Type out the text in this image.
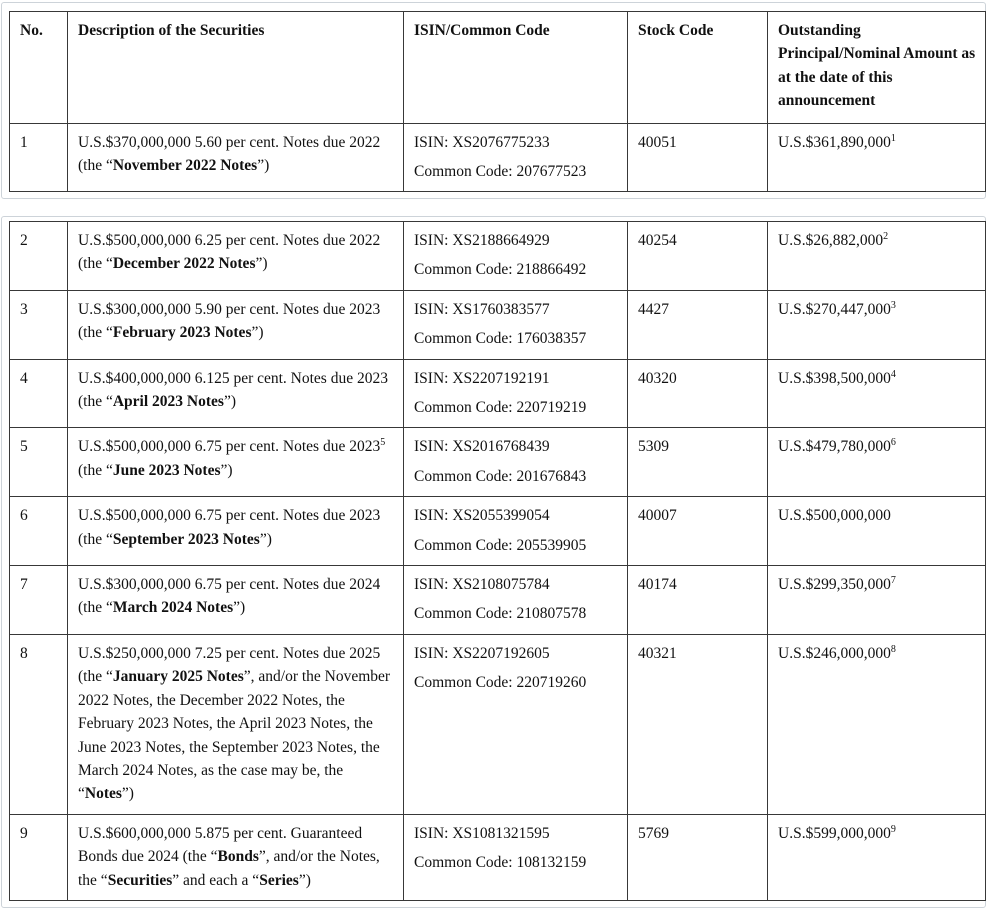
No.	Description of the Securities	ISIN/Common Code	Stock Code	Outstanding Principal/Nominal Amount as at the date of this announcement
1	U.S.$370,000,000 5.60 per cent. Notes due 2022 (the “November 2022 Notes”)	ISIN: XS2076775233
Common Code: 207677523	40051	U.S.$361,890,000$^1$
2	U.S.$500,000,000 6.25 per cent. Notes due 2022 (the “December 2022 Notes”)	ISIN: XS2188664929
Common Code: 218866492	40254	U.S.$26,882,000$^2$
3	U.S.$300,000,000 5.90 per cent. Notes due 2023 (the “February 2023 Notes”)	ISIN: XS1760383577
Common Code: 176038357	4427	U.S.$270,447,000$^3$
4	U.S.$400,000,000 6.125 per cent. Notes due 2023 (the “April 2023 Notes”)	ISIN: XS2207192191
Common Code: 220719219	40320	U.S.$398,500,000$^4$
5	U.S.$500,000,000 6.75 per cent. Notes due 2023$^5$ (the “June 2023 Notes”)	ISIN: XS2016768439
Common Code: 201676843	5309	U.S.$479,780,000$^6$
6	U.S.$500,000,000 6.75 per cent. Notes due 2023 (the “September 2023 Notes”)	ISIN: XS2055399054
Common Code: 205539905	40007	U.S.$500,000,000
7	U.S.$300,000,000 6.75 per cent. Notes due 2024 (the “March 2024 Notes”)	ISIN: XS2108075784
Common Code: 210807578	40174	U.S.$299,350,000$^7$
8	U.S.$250,000,000 7.25 per cent. Notes due 2025 (the “January 2025 Notes”, and/or the November 2022 Notes, the December 2022 Notes, the February 2023 Notes, the April 2023 Notes, the June 2023 Notes, the September 2023 Notes, the March 2024 Notes, as the case may be, the “Notes”)	ISIN: XS2207192605
Common Code: 220719260	40321	U.S.$246,000,000$^8$
9	U.S.$600,000,000 5.875 per cent. Guaranteed Bonds due 2024 (the “Bonds”, and/or the Notes, the “Securities” and each a “Series”)	ISIN: XS1081321595
Common Code: 108132159	5769	U.S.$599,000,000$^9$
